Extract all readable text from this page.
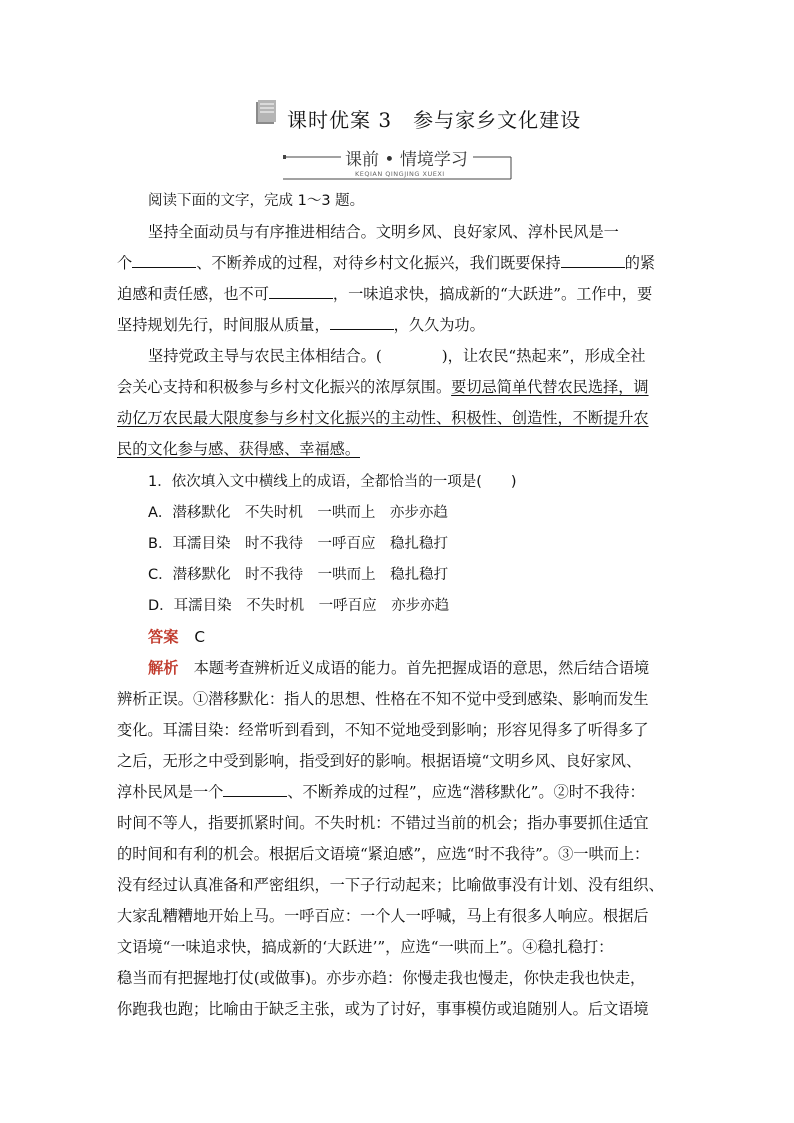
课时优案 3　参与家乡文化建设
课前 • 情境学习
KEQIAN QINGJING XUEXI
阅读下面的文字，完成 1～3 题。
坚持全面动员与有序推进相结合。文明乡风、良好家风、淳朴民风是一
个	、不断养成的过程，对待乡村文化振兴，我们既要保持	的紧
迫感和责任感，也不可	，一味追求快，搞成新的“大跃进”。工作中，要
坚持规划先行，时间服从质量，	，久久为功。
坚持党政主导与农民主体相结合。(	)，让农民“热起来”，形成全社
会关心支持和积极参与乡村文化振兴的浓厚氛围。要切忌简单代替农民选择，调
动亿万农民最大限度参与乡村文化振兴的主动性、积极性、创造性，不断提升农
民的文化参与感、获得感、幸福感。
1．依次填入文中横线上的成语，全都恰当的一项是(　　)
A．潜移默化　不失时机　一哄而上　亦步亦趋
B．耳濡目染　时不我待　一呼百应　稳扎稳打
C．潜移默化　时不我待　一哄而上　稳扎稳打
D．耳濡目染　不失时机　一呼百应　亦步亦趋
答案 C
解析　本题考查辨析近义成语的能力。首先把握成语的意思，然后结合语境
辨析正误。①潜移默化：指人的思想、性格在不知不觉中受到感染、影响而发生
变化。耳濡目染：经常听到看到，不知不觉地受到影响；形容见得多了听得多了
之后，无形之中受到影响，指受到好的影响。根据语境“文明乡风、良好家风、
淳朴民风是一个	、不断养成的过程”，应选“潜移默化”。②时不我待：
时间不等人，指要抓紧时间。不失时机：不错过当前的机会；指办事要抓住适宜
的时间和有利的机会。根据后文语境“紧迫感”，应选“时不我待”。③一哄而上：
没有经过认真准备和严密组织，一下子行动起来；比喻做事没有计划、没有组织、
大家乱糟糟地开始上马。一呼百应：一个人一呼喊，马上有很多人响应。根据后
文语境“一味追求快，搞成新的‘大跃进’”，应选“一哄而上”。④稳扎稳打：
稳当而有把握地打仗(或做事)。亦步亦趋：你慢走我也慢走，你快走我也快走，
你跑我也跑；比喻由于缺乏主张，或为了讨好，事事模仿或追随别人。后文语境
